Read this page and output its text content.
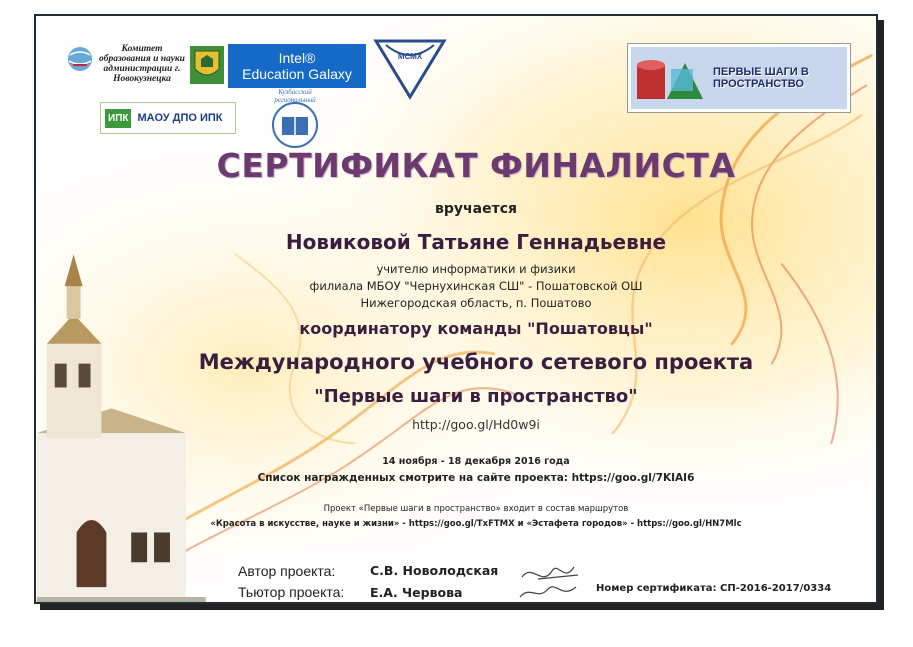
Комитет образования и науки администрации г. Новокузнецка
Intel®
Education Galaxy
МСМХ
ИПК МАОУ ДПО ИПК
Кузбасский региональный
ПЕРВЫЕ ШАГИ В
ПРОСТРАНСТВО
СЕРТИФИКАТ ФИНАЛИСТА
вручается
Новиковой Татьяне Геннадьевне
учителю информатики и физики
филиала МБОУ "Чернухинская СШ" - Пошатовской ОШ
Нижегородская область, п. Пошатово
координатору команды "Пошатовцы"
Международного учебного сетевого проекта
"Первые шаги в пространство"
http://goo.gl/Hd0w9i
14 ноября - 18 декабря 2016 года
Список награжденных смотрите на сайте проекта: https://goo.gl/7KIAI6
Проект «Первые шаги в пространство» входит в состав маршрутов
«Красота в искусстве, науке и жизни» - https://goo.gl/TxFTMX и «Эстафета городов» - https://goo.gl/HN7Mlc
Автор проекта:	С.В. Новолодская
Тьютор проекта: Е.А. Червова	Номер сертификата: СП-2016-2017/0334
